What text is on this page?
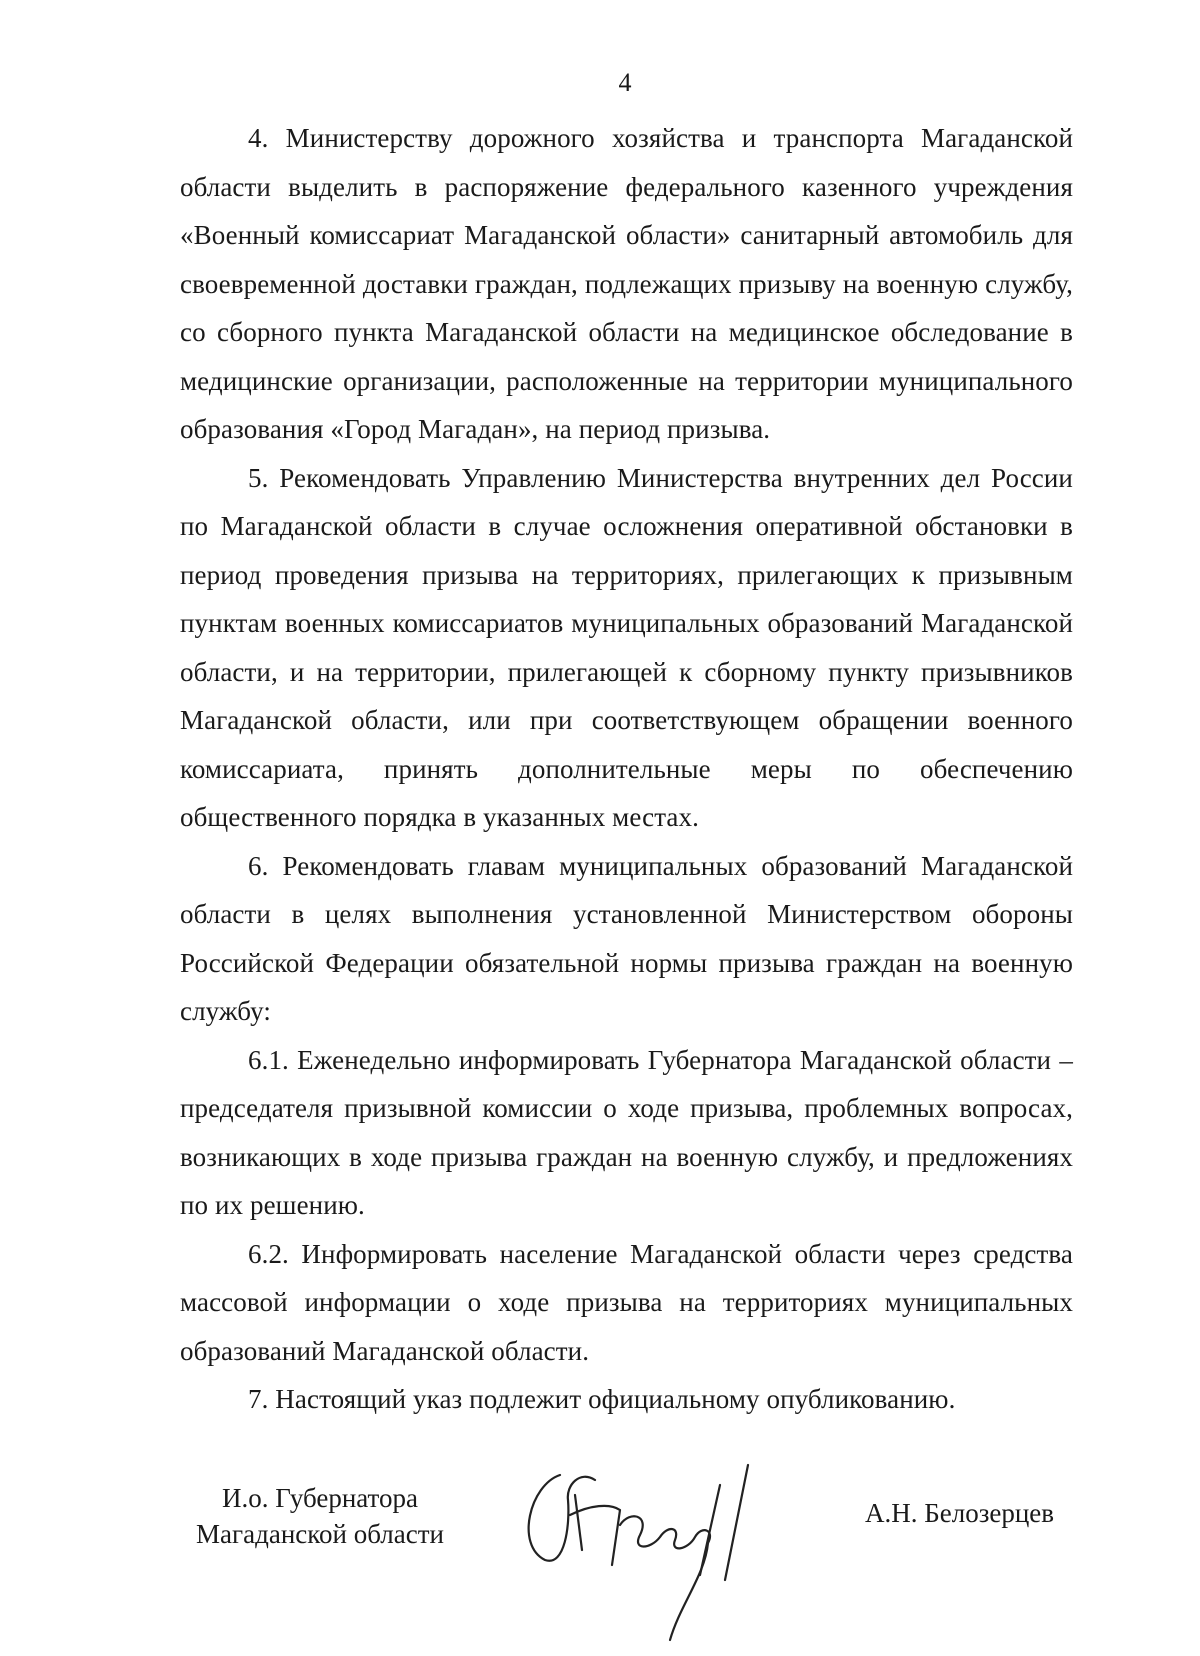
4

4. Министерству дорожного хозяйства и транспорта Магаданской области выделить в распоряжение федерального казенного учреждения «Военный комиссариат Магаданской области» санитарный автомобиль для своевременной доставки граждан, подлежащих призыву на военную службу, со сборного пункта Магаданской области на медицинское обследование в медицинские организации, расположенные на территории муниципального образования «Город Магадан», на период призыва.

5. Рекомендовать Управлению Министерства внутренних дел России по Магаданской области в случае осложнения оперативной обстановки в период проведения призыва на территориях, прилегающих к призывным пунктам военных комиссариатов муниципальных образований Магаданской области, и на территории, прилегающей к сборному пункту призывников Магаданской области, или при соответствующем обращении военного комиссариата, принять дополнительные меры по обеспечению общественного порядка в указанных местах.

6. Рекомендовать главам муниципальных образований Магаданской области в целях выполнения установленной Министерством обороны Российской Федерации обязательной нормы призыва граждан на военную службу:

6.1. Еженедельно информировать Губернатора Магаданской области – председателя призывной комиссии о ходе призыва, проблемных вопросах, возникающих в ходе призыва граждан на военную службу, и предложениях по их решению.

6.2. Информировать население Магаданской области через средства массовой информации о ходе призыва на территориях муниципальных образований Магаданской области.

7. Настоящий указ подлежит официальному опубликованию.

И.о. Губернатора
Магаданской области
А.Н. Белозерцев
